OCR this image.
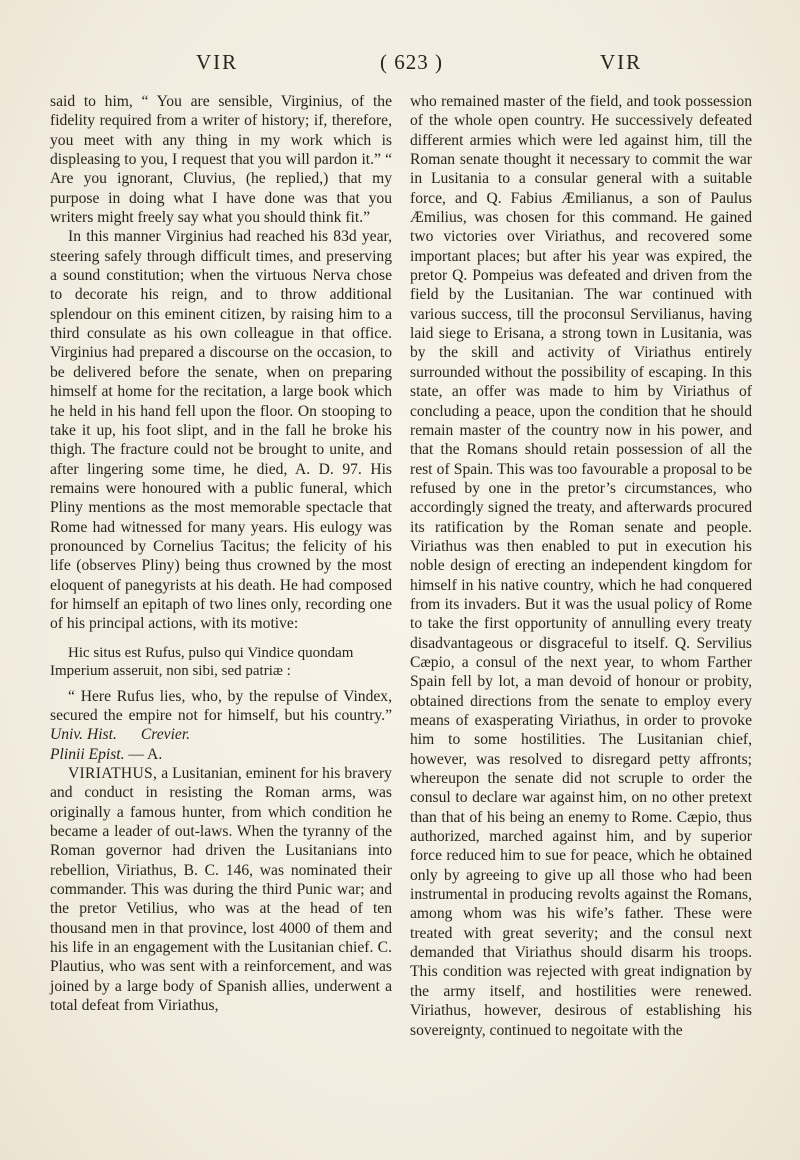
VIR	( 623 )	VIR

said to him, “ You are sensible, Virginius, of the fidelity required from a writer of history; if, therefore, you meet with any thing in my work which is displeasing to you, I request that you will pardon it.” “ Are you ignorant, Cluvius, (he replied,) that my purpose in doing what I have done was that you writers might freely say what you should think fit.”

In this manner Virginius had reached his 83d year, steering safely through difficult times, and preserving a sound constitution; when the virtuous Nerva chose to decorate his reign, and to throw additional splendour on this eminent citizen, by raising him to a third consulate as his own colleague in that office. Virginius had prepared a discourse on the occasion, to be delivered before the senate, when on preparing himself at home for the recitation, a large book which he held in his hand fell upon the floor. On stooping to take it up, his foot slipt, and in the fall he broke his thigh. The fracture could not be brought to unite, and after lingering some time, he died, A. D. 97. His remains were honoured with a public funeral, which Pliny mentions as the most memorable spectacle that Rome had witnessed for many years. His eulogy was pronounced by Cornelius Tacitus; the felicity of his life (observes Pliny) being thus crowned by the most eloquent of panegyrists at his death. He had composed for himself an epitaph of two lines only, recording one of his principal actions, with its motive:

Hic situs est Rufus, pulso qui Vindice quondam
Imperium asseruit, non sibi, sed patriæ :

“ Here Rufus lies, who, by the repulse of Vindex, secured the empire not for himself, but his country.” Univ. Hist. Crevier.
Plinii Epist. — A.

VIRIATHUS, a Lusitanian, eminent for his bravery and conduct in resisting the Roman arms, was originally a famous hunter, from which condition he became a leader of out-laws. When the tyranny of the Roman governor had driven the Lusitanians into rebellion, Viriathus, B. C. 146, was nominated their commander. This was during the third Punic war; and the pretor Vetilius, who was at the head of ten thousand men in that province, lost 4000 of them and his life in an engagement with the Lusitanian chief. C. Plautius, who was sent with a reinforcement, and was joined by a large body of Spanish allies, underwent a total defeat from Viriathus,

who remained master of the field, and took possession of the whole open country. He successively defeated different armies which were led against him, till the Roman senate thought it necessary to commit the war in Lusitania to a consular general with a suitable force, and Q. Fabius Æmilianus, a son of Paulus Æmilius, was chosen for this command. He gained two victories over Viriathus, and recovered some important places; but after his year was expired, the pretor Q. Pompeius was defeated and driven from the field by the Lusitanian. The war continued with various success, till the proconsul Servilianus, having laid siege to Erisana, a strong town in Lusitania, was by the skill and activity of Viriathus entirely surrounded without the possibility of escaping. In this state, an offer was made to him by Viriathus of concluding a peace, upon the condition that he should remain master of the country now in his power, and that the Romans should retain possession of all the rest of Spain. This was too favourable a proposal to be refused by one in the pretor’s circumstances, who accordingly signed the treaty, and afterwards procured its ratification by the Roman senate and people. Viriathus was then enabled to put in execution his noble design of erecting an independent kingdom for himself in his native country, which he had conquered from its invaders. But it was the usual policy of Rome to take the first opportunity of annulling every treaty disadvantageous or disgraceful to itself. Q. Servilius Cæpio, a consul of the next year, to whom Farther Spain fell by lot, a man devoid of honour or probity, obtained directions from the senate to employ every means of exasperating Viriathus, in order to provoke him to some hostilities. The Lusitanian chief, however, was resolved to disregard petty affronts; whereupon the senate did not scruple to order the consul to declare war against him, on no other pretext than that of his being an enemy to Rome. Cæpio, thus authorized, marched against him, and by superior force reduced him to sue for peace, which he obtained only by agreeing to give up all those who had been instrumental in producing revolts against the Romans, among whom was his wife’s father. These were treated with great severity; and the consul next demanded that Viriathus should disarm his troops. This condition was rejected with great indignation by the army itself, and hostilities were renewed. Viriathus, however, desirous of establishing his sovereignty, continued to negoitate with the
